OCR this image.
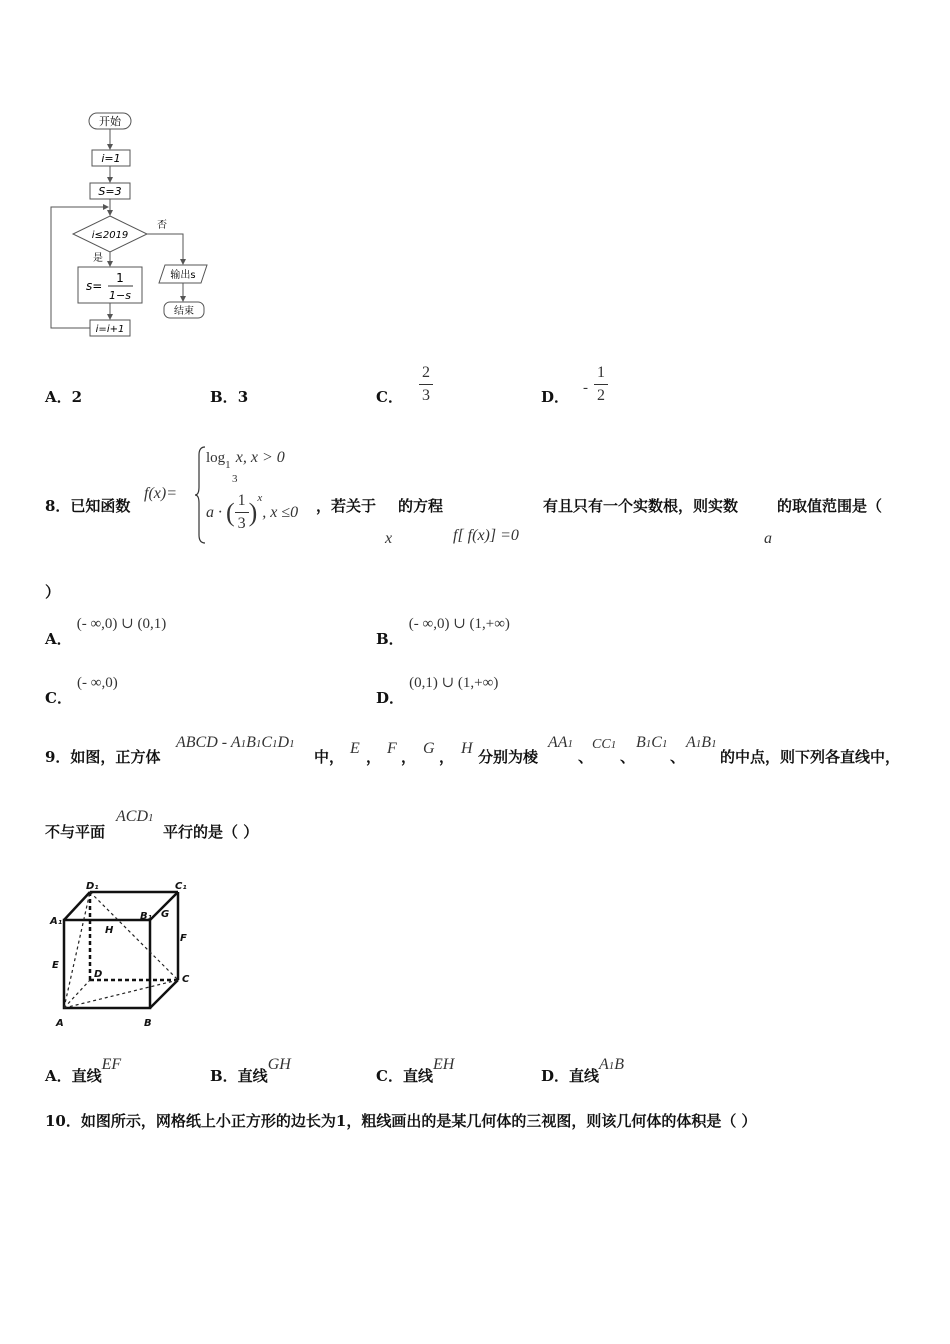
开始
i=1
S=3
i≤2019
否
输出s
结束
是
s=
1
1−s
i=i+1
A．2	B．3	C． $\frac{2}{3}$	D． - $\frac{1}{2}$
8．已知函数
f(x)=
$\log_1 x$, x > 0
3
a · ( $\frac{1}{3}$ ) x
, x ≤0 ，若关于
x
的方程
f[ f(x)] =0
有且只有一个实数根，则实数
a
的取值范围是（
）
A． (- ∞,0) ∪ (0,1)
B． (- ∞,0) ∪ (1,+∞)
C． (- ∞,0)
D． (0,1) ∪ (1,+∞)
9．如图，正方体
ABCD - A1B1C1D1
中， E ， F ， G ， H 分别为棱
AA1
、
CC1
、
B1C1
、
A1B1
的中点，则下列各直线中，
不与平面
ACD1
平行的是（ ）
A	B
C
D
A₁	B₁
C₁
D₁
E
F
G
H
A．直线EF
B．直线GH
C．直线EH
D．直线A1B
10．如图所示，网格纸上小正方形的边长为1，粗线画出的是某几何体的三视图，则该几何体的体积是（ ）
